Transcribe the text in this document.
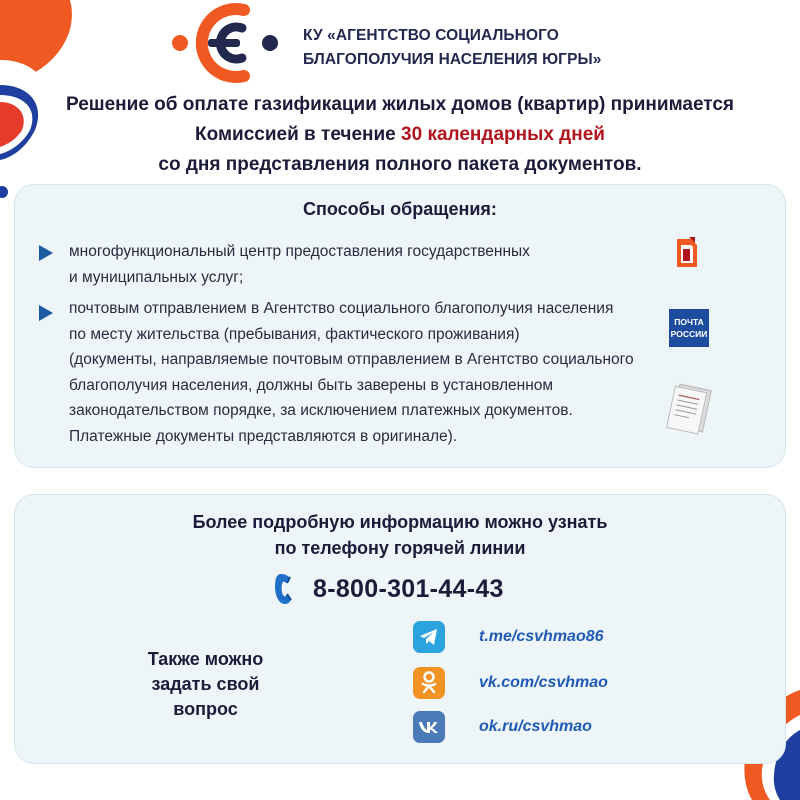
КУ «АГЕНТСТВО СОЦИАЛЬНОГО
БЛАГОПОЛУЧИЯ НАСЕЛЕНИЯ ЮГРЫ»
Решение об оплате газификации жилых домов (квартир) принимается
Комиссией в течение 30 календарных дней
со дня представления полного пакета документов.
Способы обращения:
многофункциональный центр предоставления государственных
и муниципальных услуг;
почтовым отправлением в Агентство социального благополучия населения
по месту жительства (пребывания, фактического проживания)
(документы, направляемые почтовым отправлением в Агентство социального
благополучия населения, должны быть заверены в установленном
законодательством порядке, за исключением платежных документов.
Платежные документы представляются в оригинале).
ПОЧТА
РОССИИ
Более подробную информацию можно узнать
по телефону горячей линии
8-800-301-44-43
Также можно
задать свой
вопрос
t.me/csvhmao86
vk.com/csvhmao
ok.ru/csvhmao
